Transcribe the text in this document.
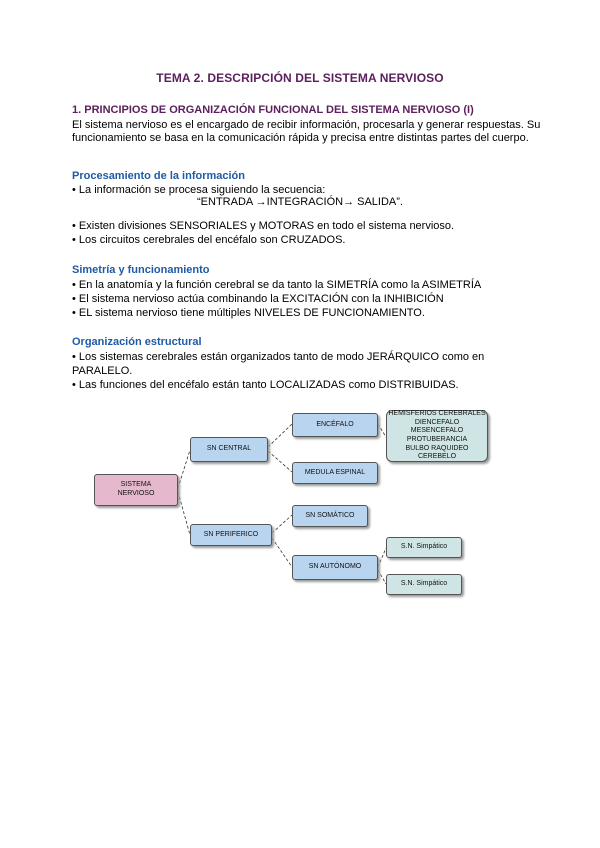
TEMA 2. DESCRIPCIÓN DEL SISTEMA NERVIOSO
1. PRINCIPIOS DE ORGANIZACIÓN FUNCIONAL DEL SISTEMA NERVIOSO (I)

El sistema nervioso es el encargado de recibir información, procesarla y generar respuestas. Su funcionamiento se basa en la comunicación rápida y precisa entre distintas partes del cuerpo.

Procesamiento de la información
• La información se procesa siguiendo la secuencia:
“ENTRADA →INTEGRACIÓN→ SALIDA”.
• Existen divisiones SENSORIALES y MOTORAS en todo el sistema nervioso.
• Los circuitos cerebrales del encéfalo son CRUZADOS.
Simetría y funcionamiento
• En la anatomía y la función cerebral se da tanto la SIMETRÍA como la ASIMETRÍA
• El sistema nervioso actúa combinando la EXCITACIÓN con la INHIBICIÓN
• EL sistema nervioso tiene múltiples NIVELES DE FUNCIONAMIENTO.
Organización estructural
• Los sistemas cerebrales están organizados tanto de modo JERÁRQUICO como en PARALELO.
• Las funciones del encéfalo están tanto LOCALIZADAS como DISTRIBUIDAS.
SISTEMA NERVIOSO
SN CENTRAL
SN PERIFERICO
ENCÉFALO
MEDULA ESPINAL
HEMISFERIOS CEREBRALES
DIENCEFALO
MESENCEFALO
PROTUBERANCIA
BULBO RAQUIDEO
CEREBELO
SN SOMÁTICO
SN AUTÓNOMO
S.N. Simpático
S.N. Simpático
